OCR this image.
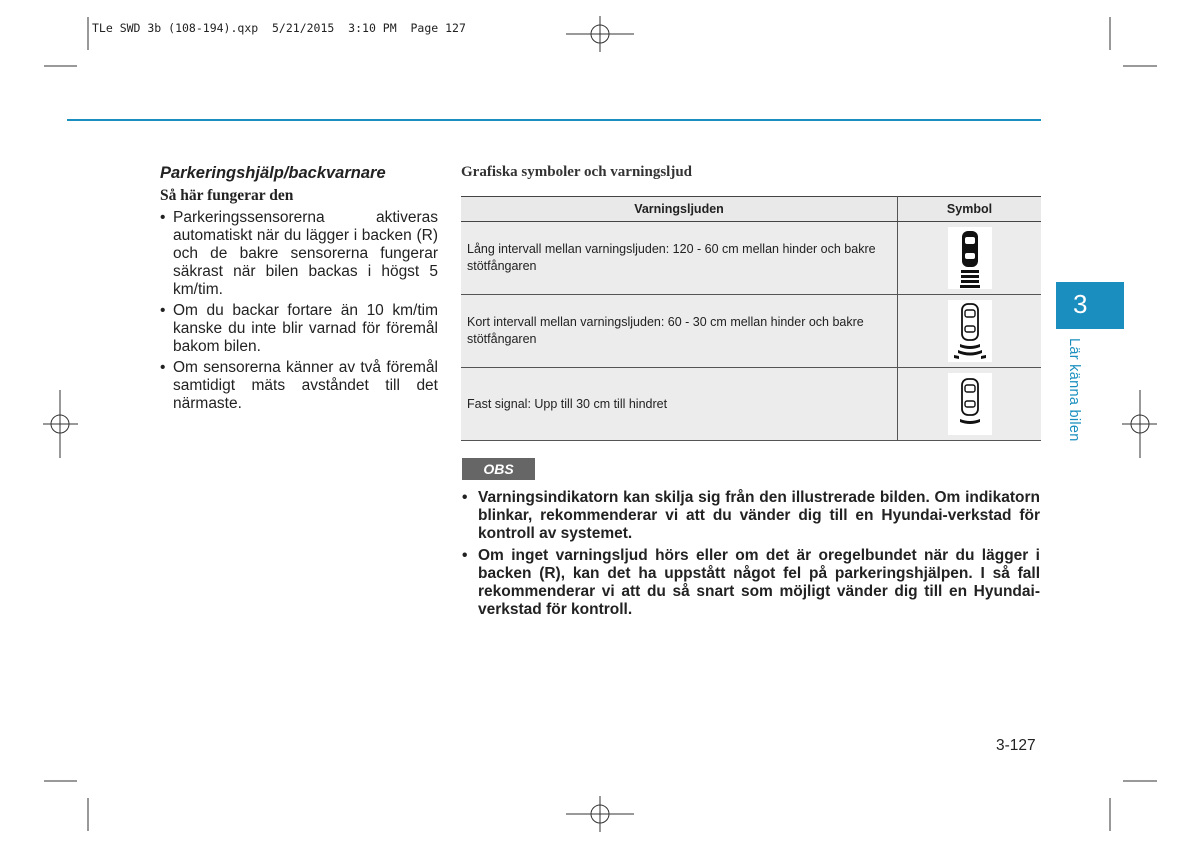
TLe SWD 3b (108-194).qxp  5/21/2015  3:10 PM  Page 127
Parkeringshjälp/backvarnare
Så här fungerar den
• Parkeringssensorerna aktiveras automatiskt när du lägger i backen (R) och de bakre sensorerna fungerar säkrast när bilen backas i högst 5 km/tim.
• Om du backar fortare än 10 km/tim kanske du inte blir varnad för föremål bakom bilen.
• Om sensorerna känner av två föremål samtidigt mäts avståndet till det närmaste.
Grafiska symboler och varningsljud
Varningsljuden	Symbol
Lång intervall mellan varningsljuden: 120 - 60 cm mellan hinder och bakre stötfångaren	
Kort intervall mellan varningsljuden: 60 - 30 cm mellan hinder och bakre stötfångaren	
Fast signal: Upp till 30 cm till hindret	
OBS
• Varningsindikatorn kan skilja sig från den illustrerade bilden. Om indikatorn blinkar, rekommenderar vi att du vänder dig till en Hyundai-verkstad för kontroll av systemet.
• Om inget varningsljud hörs eller om det är oregelbundet när du lägger i backen (R), kan det ha uppstått något fel på parkeringshjälpen. I så fall rekommenderar vi att du så snart som möjligt vänder dig till en Hyundai-verkstad för kontroll.
3
Lär känna bilen
3-127
